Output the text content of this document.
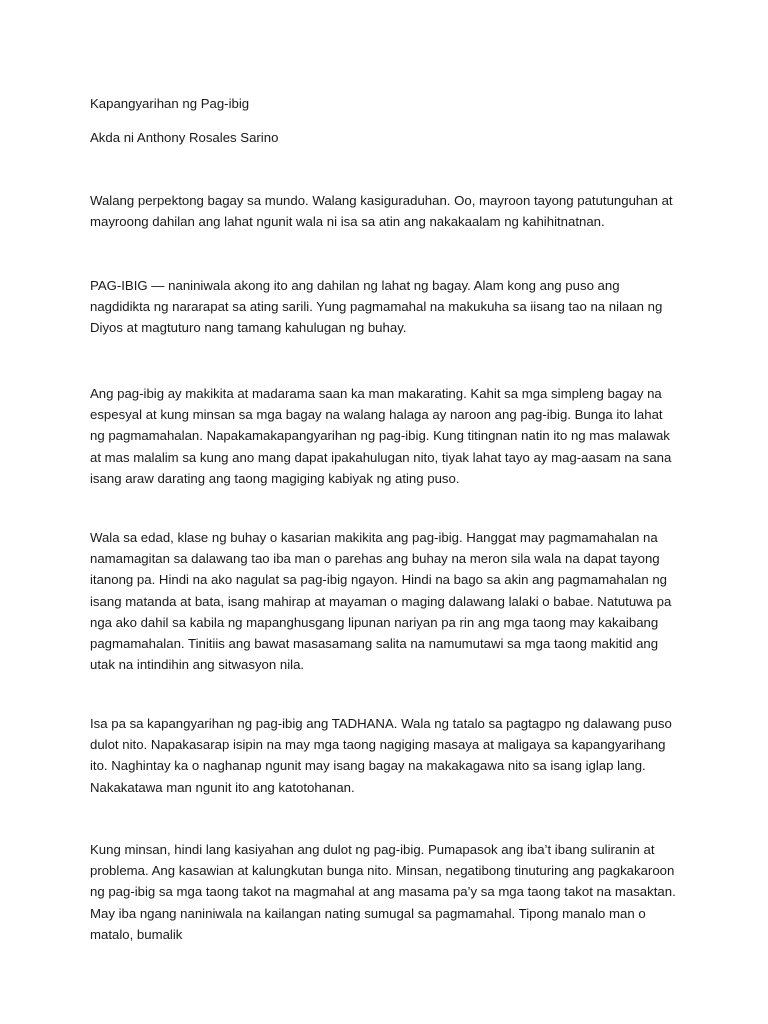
Kapangyarihan ng Pag-ibig

Akda ni Anthony Rosales Sarino

Walang perpektong bagay sa mundo. Walang kasiguraduhan. Oo, mayroon tayong patutunguhan at mayroong dahilan ang lahat ngunit wala ni isa sa atin ang nakakaalam ng kahihitnatnan.

PAG-IBIG — naniniwala akong ito ang dahilan ng lahat ng bagay. Alam kong ang puso ang nagdidikta ng nararapat sa ating sarili. Yung pagmamahal na makukuha sa iisang tao na nilaan ng Diyos at magtuturo nang tamang kahulugan ng buhay.

Ang pag-ibig ay makikita at madarama saan ka man makarating. Kahit sa mga simpleng bagay na espesyal at kung minsan sa mga bagay na walang halaga ay naroon ang pag-ibig. Bunga ito lahat ng pagmamahalan. Napakamakapangyarihan ng pag-ibig. Kung titingnan natin ito ng mas malawak at mas malalim sa kung ano mang dapat ipakahulugan nito, tiyak lahat tayo ay mag-aasam na sana isang araw darating ang taong magiging kabiyak ng ating puso.

Wala sa edad, klase ng buhay o kasarian makikita ang pag-ibig. Hanggat may pagmamahalan na namamagitan sa dalawang tao iba man o parehas ang buhay na meron sila wala na dapat tayong itanong pa. Hindi na ako nagulat sa pag-ibig ngayon. Hindi na bago sa akin ang pagmamahalan ng isang matanda at bata, isang mahirap at mayaman o maging dalawang lalaki o babae. Natutuwa pa nga ako dahil sa kabila ng mapanghusgang lipunan nariyan pa rin ang mga taong may kakaibang pagmamahalan. Tinitiis ang bawat masasamang salita na namumutawi sa mga taong makitid ang utak na intindihin ang sitwasyon nila.

Isa pa sa kapangyarihan ng pag-ibig ang TADHANA. Wala ng tatalo sa pagtagpo ng dalawang puso dulot nito. Napakasarap isipin na may mga taong nagiging masaya at maligaya sa kapangyarihang ito. Naghintay ka o naghanap ngunit may isang bagay na makakagawa nito sa isang iglap lang. Nakakatawa man ngunit ito ang katotohanan.

Kung minsan, hindi lang kasiyahan ang dulot ng pag-ibig. Pumapasok ang iba’t ibang suliranin at problema. Ang kasawian at kalungkutan bunga nito. Minsan, negatibong tinuturing ang pagkakaroon ng pag-ibig sa mga taong takot na magmahal at ang masama pa’y sa mga taong takot na masaktan. May iba ngang naniniwala na kailangan nating sumugal sa pagmamahal. Tipong manalo man o matalo, bumalik
